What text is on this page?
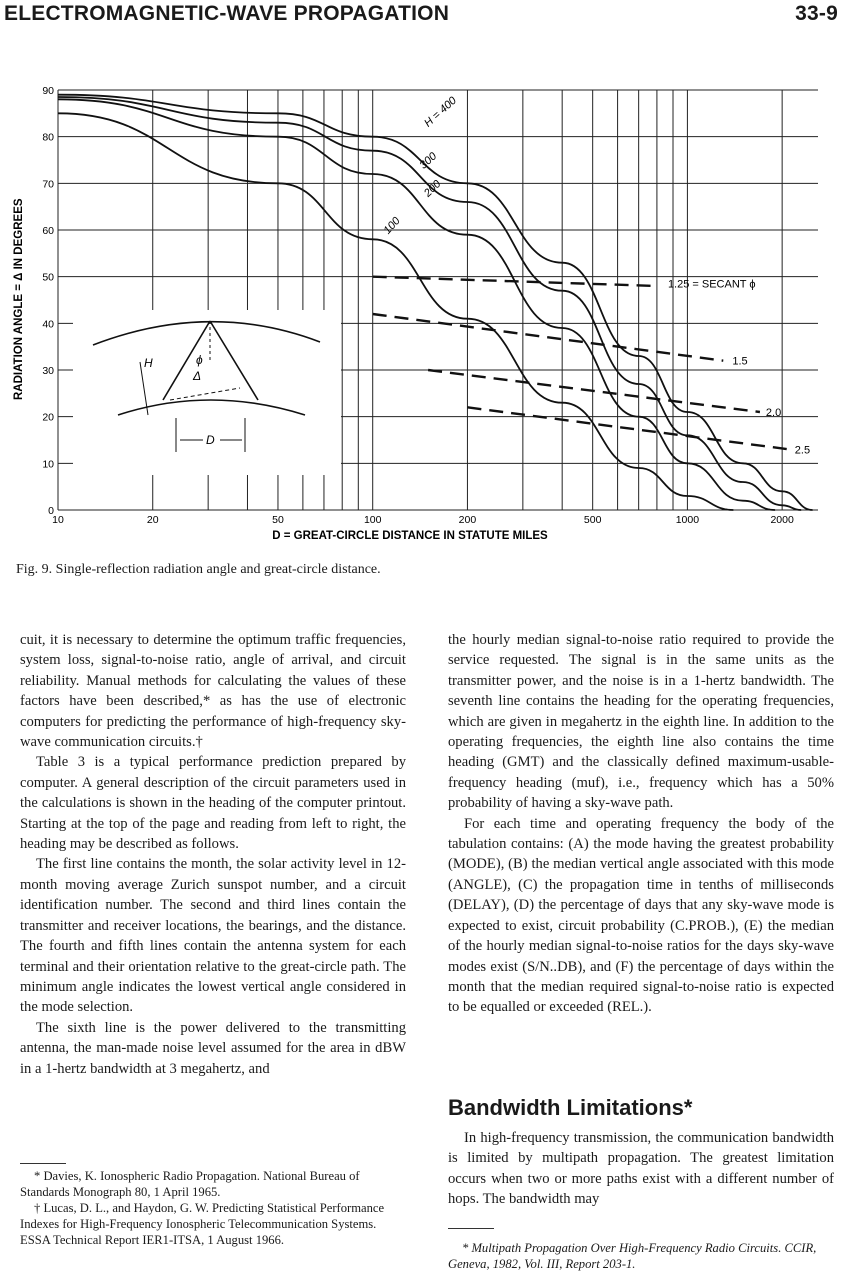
ELECTROMAGNETIC-WAVE PROPAGATION	33-9
H	ϕ
Δ
D
H = 400
300
200
100
1.25 = SECANT ϕ
1.5
2.0
2.5
10	20	50	100	200	500	1000	2000
0
10
20
30
40
50
60
70
80
90
RADIATION ANGLE = Δ IN DEGREES
D = GREAT-CIRCLE DISTANCE IN STATUTE MILES
Fig. 9. Single-reflection radiation angle and great-circle distance.

cuit, it is necessary to determine the optimum traffic frequencies, system loss, signal-to-noise ratio, angle of arrival, and circuit reliability. Manual methods for calculating the values of these factors have been described,* as has the use of electronic computers for predicting the performance of high-frequency sky-wave communication circuits.†

Table 3 is a typical performance prediction prepared by computer. A general description of the circuit parameters used in the calculations is shown in the heading of the computer printout. Starting at the top of the page and reading from left to right, the heading may be described as follows.

The first line contains the month, the solar activity level in 12-month moving average Zurich sunspot number, and a circuit identification number. The second and third lines contain the transmitter and receiver locations, the bearings, and the distance. The fourth and fifth lines contain the antenna system for each terminal and their orientation relative to the great-circle path. The minimum angle indicates the lowest vertical angle considered in the mode selection.

The sixth line is the power delivered to the transmitting antenna, the man-made noise level assumed for the area in dBW in a 1-hertz bandwidth at 3 megahertz, and

the hourly median signal-to-noise ratio required to provide the service requested. The signal is in the same units as the transmitter power, and the noise is in a 1-hertz bandwidth. The seventh line contains the heading for the operating frequencies, which are given in megahertz in the eighth line. In addition to the operating frequencies, the eighth line also contains the time heading (GMT) and the classically defined maximum-usable-frequency heading (muf), i.e., frequency which has a 50% probability of having a sky-wave path.

For each time and operating frequency the body of the tabulation contains: (A) the mode having the greatest probability (MODE), (B) the median vertical angle associated with this mode (ANGLE), (C) the propagation time in tenths of milliseconds (DELAY), (D) the percentage of days that any sky-wave mode is expected to exist, circuit probability (C.PROB.), (E) the median of the hourly median signal-to-noise ratios for the days sky-wave modes exist (S/N..DB), and (F) the percentage of days within the month that the median required signal-to-noise ratio is expected to be equalled or exceeded (REL.).

Bandwidth Limitations*

In high-frequency transmission, the communication bandwidth is limited by multipath propagation. The greatest limitation occurs when two or more paths exist with a different number of hops. The bandwidth may

* Davies, K. Ionospheric Radio Propagation. National Bureau of Standards Monograph 80, 1 April 1965.

† Lucas, D. L., and Haydon, G. W. Predicting Statistical Performance Indexes for High-Frequency Ionospheric Telecommunication Systems. ESSA Technical Report IER1-ITSA, 1 August 1966.

* Multipath Propagation Over High-Frequency Radio Circuits. CCIR, Geneva, 1982, Vol. III, Report 203-1.
